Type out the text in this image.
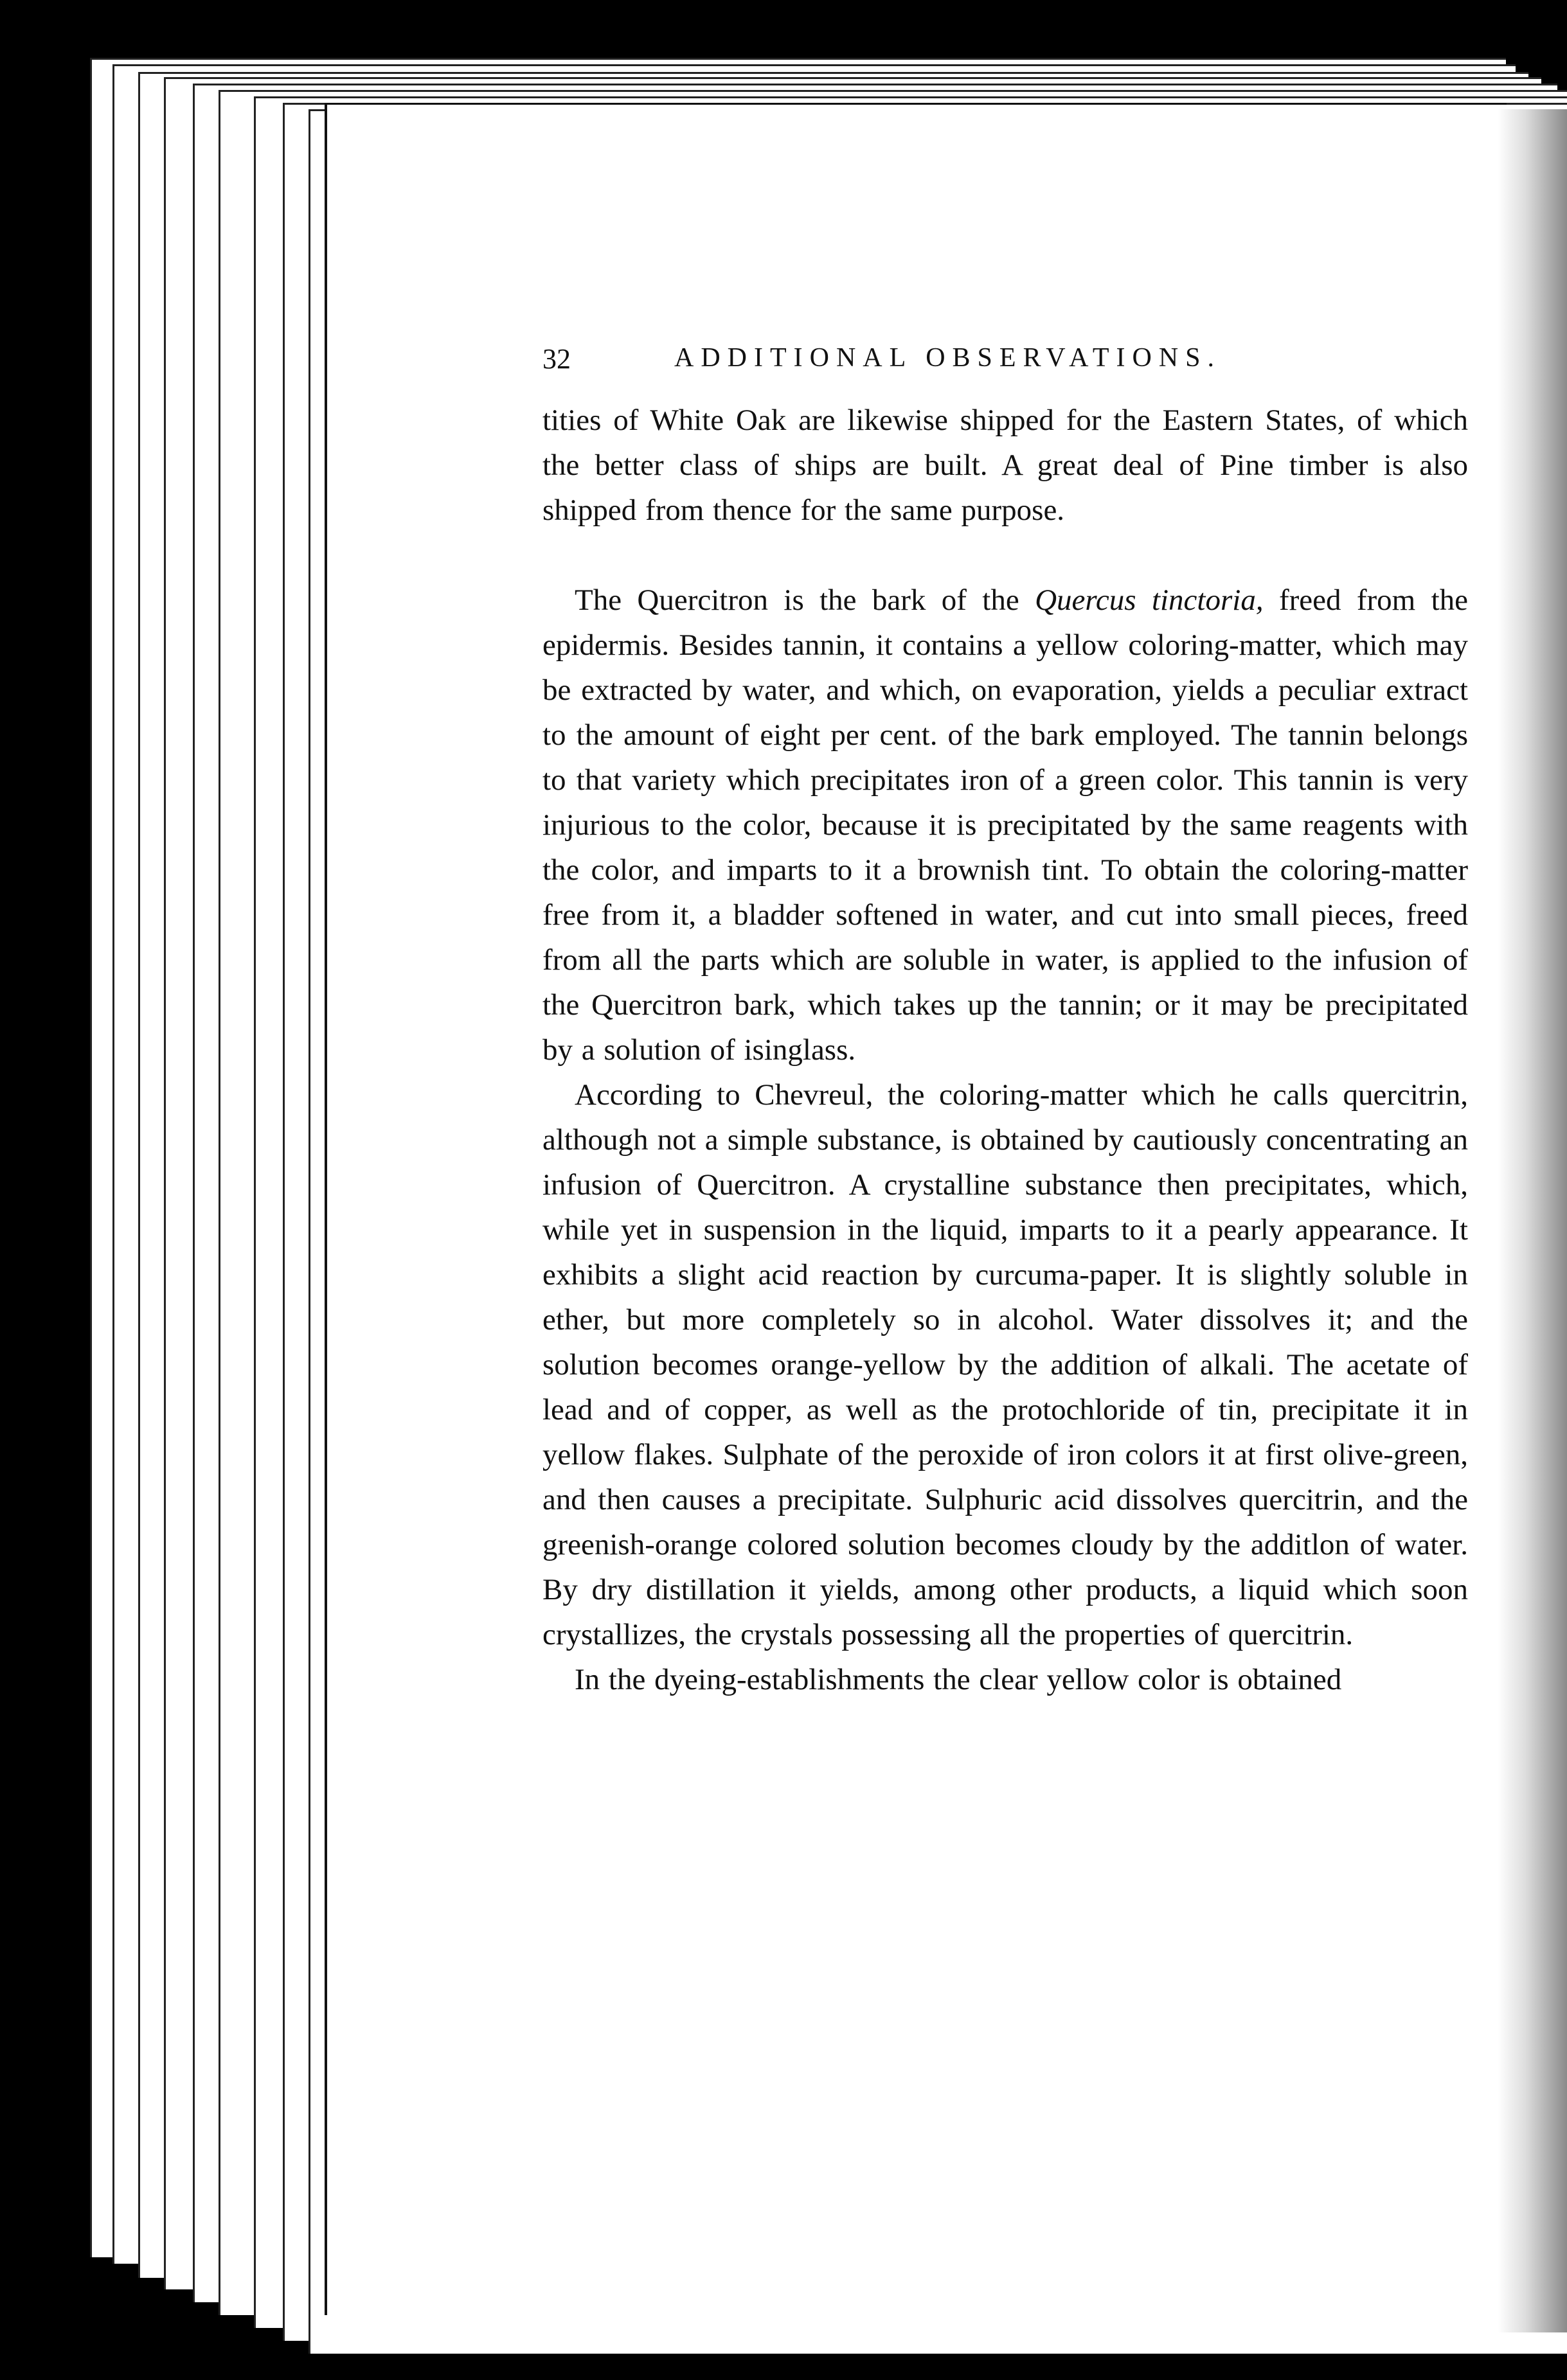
32	ADDITIONAL OBSERVATIONS.

tities of White Oak are likewise shipped for the Eastern States, of which the better class of ships are built. A great deal of Pine timber is also shipped from thence for the same purpose.

The Quercitron is the bark of the Quercus tinctoria, freed from the epidermis. Besides tannin, it contains a yellow coloring-matter, which may be extracted by water, and which, on evaporation, yields a peculiar extract to the amount of eight per cent. of the bark employed. The tannin belongs to that variety which precipitates iron of a green color. This tannin is very injurious to the color, because it is precipitated by the same reagents with the color, and imparts to it a brownish tint. To obtain the coloring-matter free from it, a bladder softened in water, and cut into small pieces, freed from all the parts which are soluble in water, is applied to the infusion of the Quercitron bark, which takes up the tannin; or it may be precipitated by a solution of isinglass.

According to Chevreul, the coloring-matter which he calls quercitrin, although not a simple substance, is obtained by cautiously concentrating an infusion of Quercitron. A crystalline substance then precipitates, which, while yet in suspension in the liquid, imparts to it a pearly appearance. It exhibits a slight acid reaction by curcuma-paper. It is slightly soluble in ether, but more completely so in alcohol. Water dissolves it; and the solution becomes orange-yellow by the addition of alkali. The acetate of lead and of copper, as well as the protochloride of tin, precipitate it in yellow flakes. Sulphate of the peroxide of iron colors it at first olive-green, and then causes a precipitate. Sulphuric acid dissolves quercitrin, and the greenish-orange colored solution becomes cloudy by the additlon of water. By dry distillation it yields, among other products, a liquid which soon crystallizes, the crystals possessing all the properties of quercitrin.

In the dyeing-establishments the clear yellow color is obtained
